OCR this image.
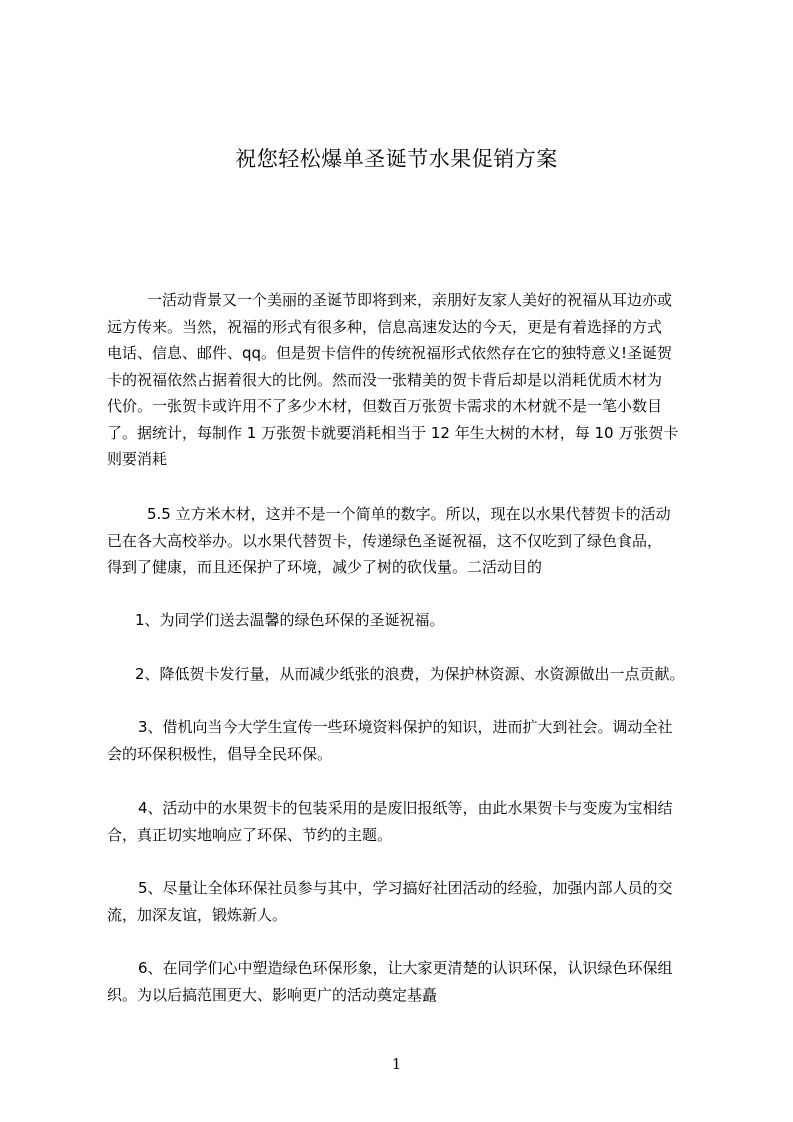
祝您轻松爆单圣诞节水果促销方案

　一活动背景又一个美丽的圣诞节即将到来，亲朋好友家人美好的祝福从耳边亦或
远方传来。当然，祝福的形式有很多种，信息高速发达的今天，更是有着选择的方式
电话、信息、邮件、qq。但是贺卡信件的传统祝福形式依然存在它的独特意义!圣诞贺
卡的祝福依然占据着很大的比例。然而没一张精美的贺卡背后却是以消耗优质木材为
代价。一张贺卡或许用不了多少木材，但数百万张贺卡需求的木材就不是一笔小数目
了。据统计，每制作 1 万张贺卡就要消耗相当于 12 年生大树的木材，每 10 万张贺卡
则要消耗

　5.5 立方米木材，这并不是一个简单的数字。所以，现在以水果代替贺卡的活动
已在各大高校举办。以水果代替贺卡，传递绿色圣诞祝福，这不仅吃到了绿色食品，
得到了健康，而且还保护了环境，减少了树的砍伐量。二活动目的

1、为同学们送去温馨的绿色环保的圣诞祝福。

2、降低贺卡发行量，从而减少纸张的浪费，为保护林资源、水资源做出一点贡献。

3、借机向当今大学生宣传一些环境资料保护的知识，进而扩大到社会。调动全社
会的环保积极性，倡导全民环保。

4、活动中的水果贺卡的包装采用的是废旧报纸等，由此水果贺卡与变废为宝相结
合，真正切实地响应了环保、节约的主题。

5、尽量让全体环保社员参与其中，学习搞好社团活动的经验，加强内部人员的交
流，加深友谊，锻炼新人。

6、在同学们心中塑造绿色环保形象，让大家更清楚的认识环保，认识绿色环保组
织。为以后搞范围更大、影响更广的活动奠定基矗

1
